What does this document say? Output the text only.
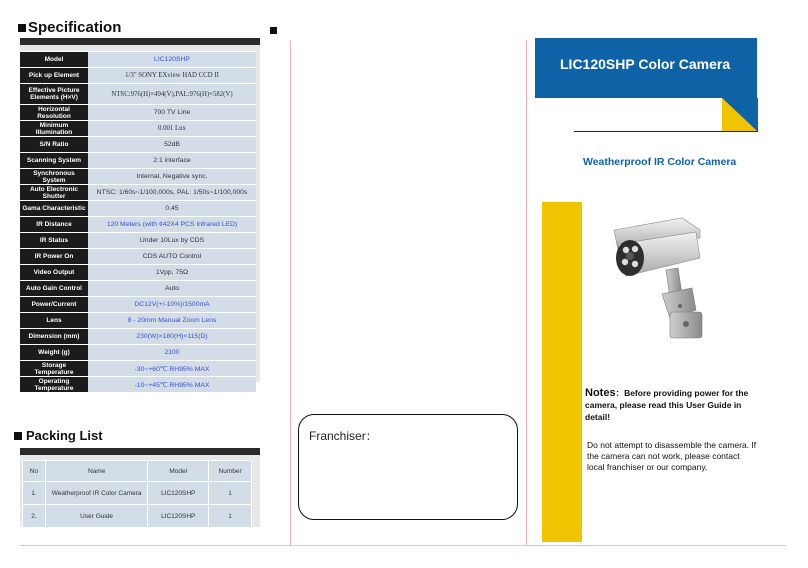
Specification
Model	LIC120SHP
Pick up Element	1/3" SONY EXview HAD CCD II
Effective Picture Elements (H×V)	NTSC:976(H)×494(V),PAL:976(H)×582(V)
Horizontal Resolution	700 TV Line
Minimum Illumination	0.001 Lux
S/N Ratio	52dB
Scanning System	2:1 interface
Synchronous System	Internal, Negative sync.
Auto Electronic Shutter	NTSC: 1/60s~1/100,000s, PAL: 1/50s~1/100,000s
Gama Characteristic	0.45
IR Distance	120 Meters (with ¢42X4 PCS Infrared LED)
IR Status	Under 10Lux by CDS
IR Power On	CDS AUTO Control
Video Output	1Vpp, 75Ω
Auto Gain Control	Auto
Power/Current	DC12V(+/-10%)/1500mA
Lens	8 - 20mm Manual Zoom Lens
Dimension (mm)	230(W)×180(H)×115(D)
Weight (g)	2100
Storage Temperature	-30~+60℃ RH95% MAX
Operating Temperature	-10~+45℃ RH95% MAX
Packing List
No	Name	Model	Number
1.	Weatherproof IR Color Camera	LIC120SHP	1
2.	User Guide	LIC120SHP	1
Franchiser：
LIC120SHP Color Camera
Weatherproof IR Color Camera
Notes：Before providing power for the camera, please read this User Guide in detail!
Do not attempt to disassemble the camera. If the camera can not work, please contact local franchiser or our company.
